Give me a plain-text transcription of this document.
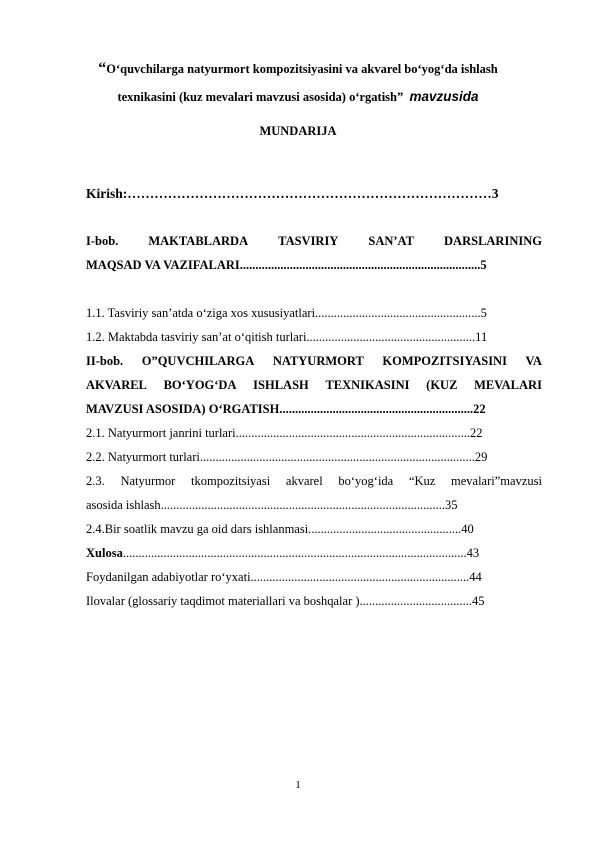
“O‘quvchilarga natyurmort kompozitsiyasini va akvarel bo‘yog‘da ishlash
texnikasini (kuz mevalari mavzusi asosida) o‘rgatish” mavzusida
MUNDARIJA
Kirish:………………………………………………………………………3
I-bob. MAKTABLARDA TASVIRIY SAN’AT DARSLARINING
MAQSAD VA VAZIFALARI.............................................................................5
1.1. Tasviriy san’atda o‘ziga xos xususiyatlari.....................................................5
1.2. Maktabda tasviriy san’at o‘qitish turlari......................................................11
II-bob. O”QUVCHILARGA NATYURMORT KOMPOZITSIYASINI VA
AKVAREL BO‘YOG‘DA ISHLASH TEXNIKASINI (KUZ MEVALARI
MAVZUSI ASOSIDA) O‘RGATISH..............................................................22
2.1. Natyurmort janrini turlari...........................................................................22
2.2. Natyurmort turlari........................................................................................29
2.3. Natyurmor tkompozitsiyasi akvarel bo‘yog‘ida “Kuz mevalari”mavzusi
asosida ishlash...........................................................................................35
2.4.Bir soatlik mavzu ga oid dars ishlanmasi.................................................40
Xulosa..............................................................................................................43
Foydanilgan adabiyotlar ro‘yxati......................................................................44
Ilovalar (glossariy taqdimot materiallari va boshqalar )....................................45
1
